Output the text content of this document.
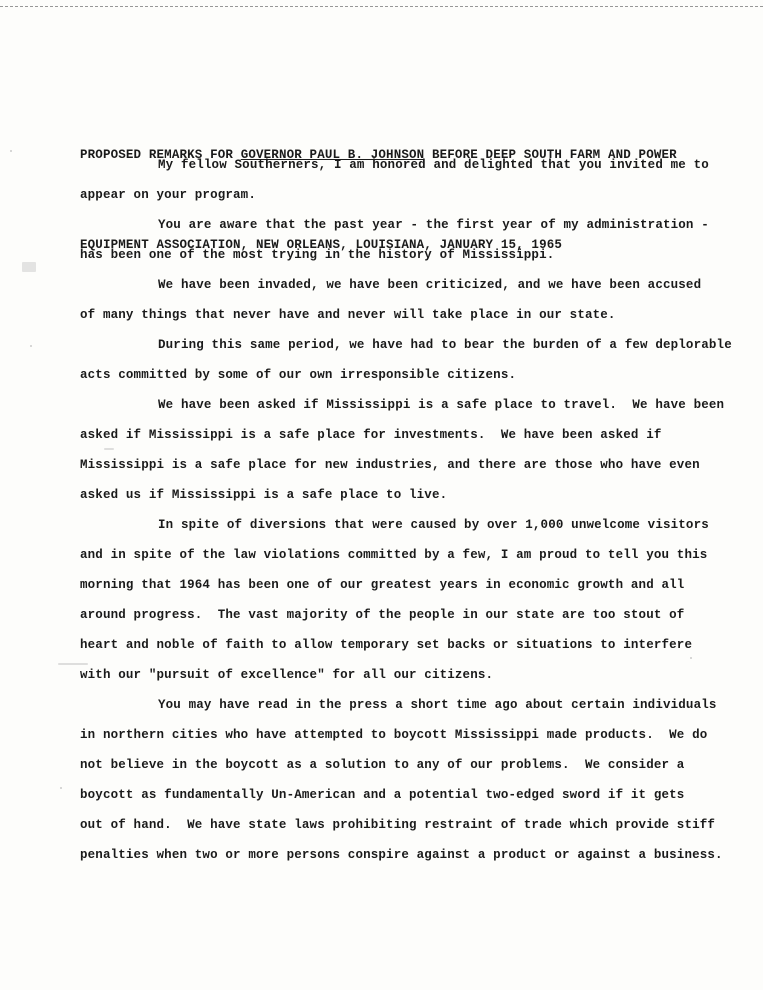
PROPOSED REMARKS FOR GOVERNOR PAUL B. JOHNSON BEFORE DEEP SOUTH FARM AND POWER

EQUIPMENT ASSOCIATION, NEW ORLEANS, LOUISIANA, JANUARY 15, 1965

My fellow Southerners, I am honored and delighted that you invited me to
appear on your program.
You are aware that the past year - the first year of my administration -
has been one of the most trying in the history of Mississippi.
We have been invaded, we have been criticized, and we have been accused
of many things that never have and never will take place in our state.
During this same period, we have had to bear the burden of a few deplorable
acts committed by some of our own irresponsible citizens.
We have been asked if Mississippi is a safe place to travel.  We have been
asked if Mississippi is a safe place for investments.  We have been asked if
Mississippi is a safe place for new industries, and there are those who have even
asked us if Mississippi is a safe place to live.
In spite of diversions that were caused by over 1,000 unwelcome visitors
and in spite of the law violations committed by a few, I am proud to tell you this
morning that 1964 has been one of our greatest years in economic growth and all
around progress.  The vast majority of the people in our state are too stout of
heart and noble of faith to allow temporary set backs or situations to interfere
with our "pursuit of excellence" for all our citizens.
You may have read in the press a short time ago about certain individuals
in northern cities who have attempted to boycott Mississippi made products.  We do
not believe in the boycott as a solution to any of our problems.  We consider a
boycott as fundamentally Un-American and a potential two-edged sword if it gets
out of hand.  We have state laws prohibiting restraint of trade which provide stiff
penalties when two or more persons conspire against a product or against a business.
